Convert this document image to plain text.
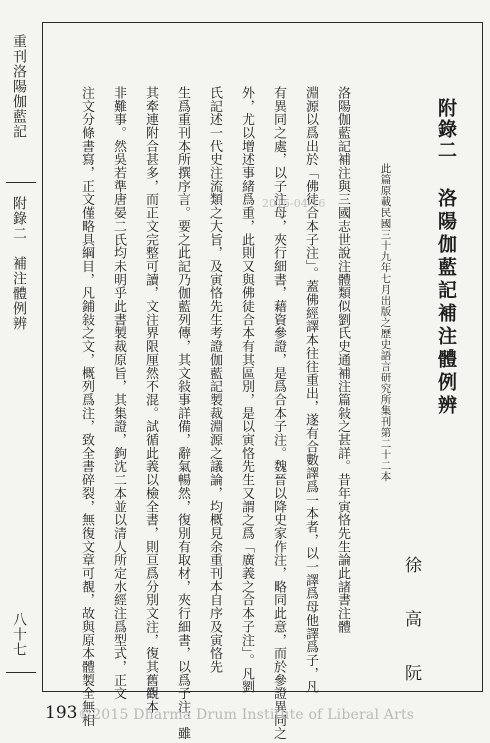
重刊洛陽伽藍記
附錄二　補注體例辨
八十七
附錄二
洛陽伽藍記補注體例辨
此篇原載民國三十九年七月出版之歷史語言研究所集刊第二十二本
徐　高　阮
洛陽伽藍記補注與三國志世說注體類似劉氏史通補注篇敍之甚詳。昔年寅恪先生論此諸書注體
淵源以爲出於「佛徒合本子注」。蓋佛經譯本往往重出，遂有合數譯爲一本者，以一譯爲母他譯爲子，凡
有異同之處，以子注母，夾行細書，藉資參證，是爲合本子注。魏晉以降史家作注，略同此意，而於參證異同之
外，尤以增述事緒爲重，此則又與佛徒合本有其區別，是以寅恪先生又謂之爲「廣義之合本子注」。凡劉
氏記述一代史注流類之大旨，及寅恪先生考證伽藍記製裁淵源之議論，均概見余重刊本自序及寅恪先
生爲重刊本所撰序言。要之此記乃伽藍列傳，其文敍事詳備，辭氣暢然，復別有取材，夾行細書，以爲子注，雖
其牽連附合甚多，而正文完整可讀，文注界限厘然不混。試循此義以檢全書，則亘爲分別文注，復其舊觀本
非難事。然吳若準唐晏二氏均未明乎此書製裁原旨，其集證，鉤沈二本並以清人所定水經注爲型式，正文
注文分條書寫，正文僅略具綱目，凡鋪敍之文，概列爲注，致全書碎裂，無復文章可覩，故與原本體製全無相	2015-04-16
193 ©2015 Dharma Drum Institute of Liberal Arts
